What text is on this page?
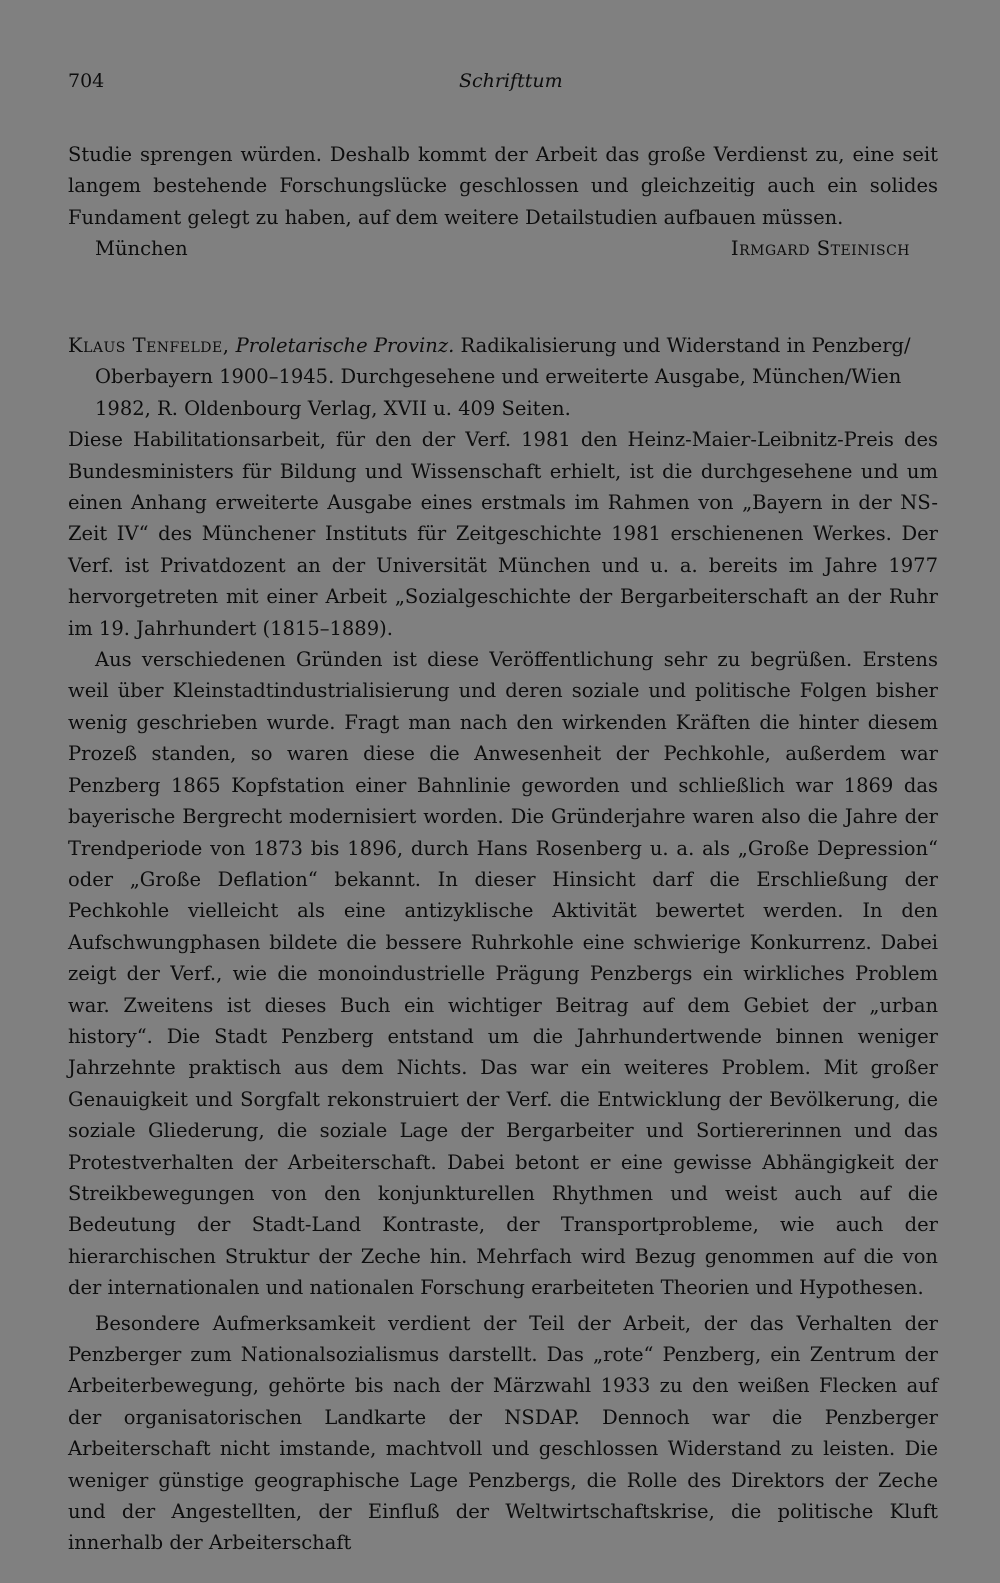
704	Schrifttum

Studie sprengen würden. Deshalb kommt der Arbeit das große Verdienst zu, eine seit langem bestehende Forschungslücke geschlossen und gleichzeitig auch ein solides Fundament gelegt zu haben, auf dem weitere Detailstudien aufbauen müssen.

München	Irmgard Steinisch

Klaus Tenfelde, Proletarische Provinz. Radikalisierung und Widerstand in Penzberg/ Oberbayern 1900–1945. Durchgesehene und erweiterte Ausgabe, München/Wien 1982, R. Oldenbourg Verlag, XVII u. 409 Seiten.

Diese Habilitationsarbeit, für den der Verf. 1981 den Heinz-Maier-Leibnitz-Preis des Bundesministers für Bildung und Wissenschaft erhielt, ist die durchgesehene und um einen Anhang erweiterte Ausgabe eines erstmals im Rahmen von „Bayern in der NS-Zeit IV“ des Münchener Instituts für Zeitgeschichte 1981 erschienenen Werkes. Der Verf. ist Privatdozent an der Universität München und u. a. bereits im Jahre 1977 hervorgetreten mit einer Arbeit „Sozialgeschichte der Bergarbeiterschaft an der Ruhr im 19. Jahrhundert (1815–1889).

Aus verschiedenen Gründen ist diese Veröffentlichung sehr zu begrüßen. Erstens weil über Kleinstadtindustrialisierung und deren soziale und politische Folgen bisher wenig geschrieben wurde. Fragt man nach den wirkenden Kräften die hinter diesem Prozeß standen, so waren diese die Anwesenheit der Pechkohle, außerdem war Penzberg 1865 Kopfstation einer Bahnlinie geworden und schließlich war 1869 das bayerische Bergrecht modernisiert worden. Die Gründerjahre waren also die Jahre der Trendperiode von 1873 bis 1896, durch Hans Rosenberg u. a. als „Große Depression“ oder „Große Deflation“ bekannt. In dieser Hinsicht darf die Erschließung der Pechkohle vielleicht als eine antizyklische Aktivität bewertet werden. In den Aufschwungphasen bildete die bessere Ruhrkohle eine schwierige Konkurrenz. Dabei zeigt der Verf., wie die monoindustrielle Prägung Penzbergs ein wirkliches Problem war. Zweitens ist dieses Buch ein wichtiger Beitrag auf dem Gebiet der „urban history“. Die Stadt Penzberg entstand um die Jahrhundertwende binnen weniger Jahrzehnte praktisch aus dem Nichts. Das war ein weiteres Problem. Mit großer Genauigkeit und Sorgfalt rekonstruiert der Verf. die Entwicklung der Bevölkerung, die soziale Gliederung, die soziale Lage der Bergarbeiter und Sortiererinnen und das Protestverhalten der Arbeiterschaft. Dabei betont er eine gewisse Abhängigkeit der Streikbewegungen von den konjunkturellen Rhythmen und weist auch auf die Bedeutung der Stadt-Land Kontraste, der Transportprobleme, wie auch der hierarchischen Struktur der Zeche hin. Mehrfach wird Bezug genommen auf die von der internationalen und nationalen Forschung erarbeiteten Theorien und Hypothesen.

Besondere Aufmerksamkeit verdient der Teil der Arbeit, der das Verhalten der Penzberger zum Nationalsozialismus darstellt. Das „rote“ Penzberg, ein Zentrum der Arbeiterbewegung, gehörte bis nach der Märzwahl 1933 zu den weißen Flecken auf der organisatorischen Landkarte der NSDAP. Dennoch war die Penzberger Arbeiterschaft nicht imstande, machtvoll und geschlossen Widerstand zu leisten. Die weniger günstige geographische Lage Penzbergs, die Rolle des Direktors der Zeche und der Angestellten, der Einfluß der Weltwirtschaftskrise, die politische Kluft innerhalb der Arbeiterschaft
